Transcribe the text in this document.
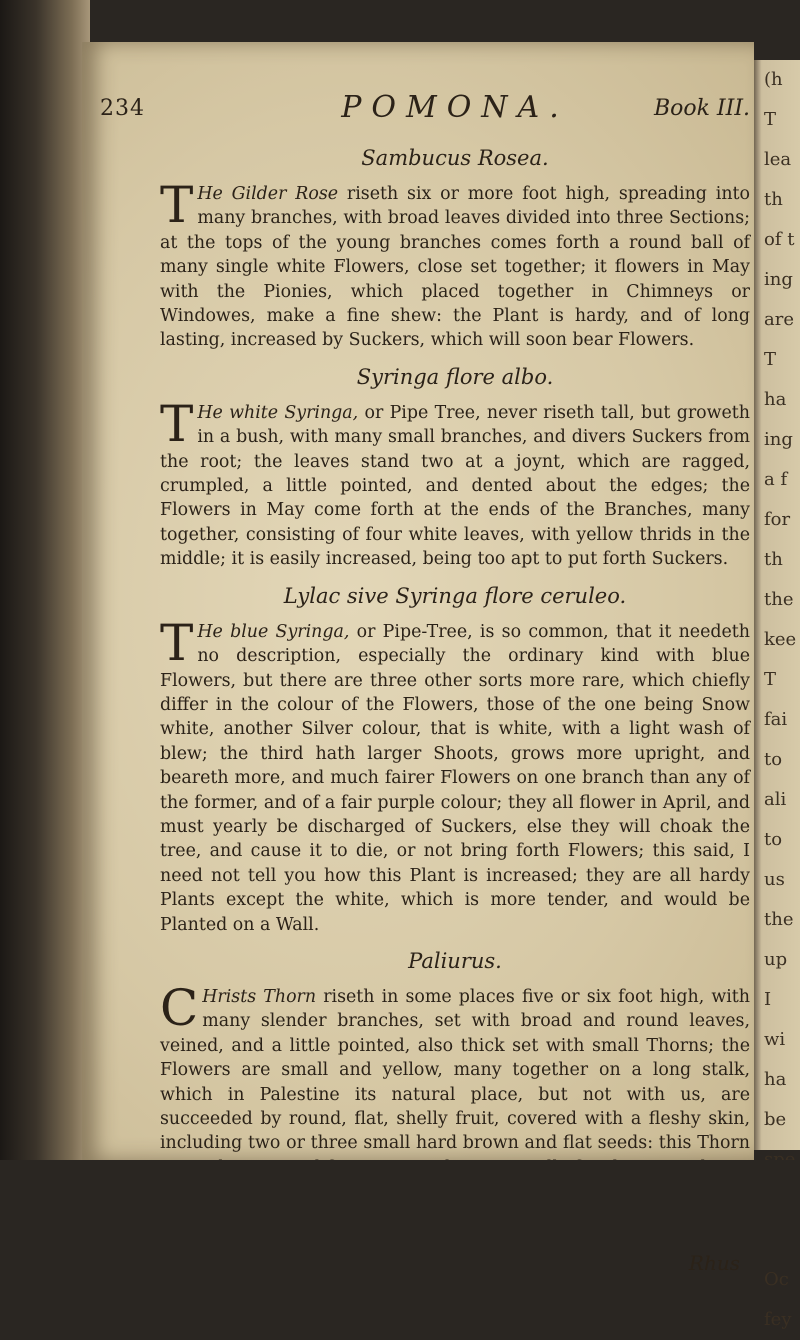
(h
T
lea
th
of t
ing
are
T
ha
ing
a f
for
th
the
kee
T
fai
to
ali
to
us
the
up
I
wi
ha
be
Oc
fey
234	POMONA.	Book III.
Sambucus Rosea.

T He Gilder Rose riseth six or more foot high, spreading into many branches, with broad leaves divided into three Sections; at the tops of the young branches comes forth a round ball of many single white Flowers, close set together; it flowers in May with the Pionies, which placed together in Chimneys or Windowes, make a fine shew: the Plant is hardy, and of long lasting, increased by Suckers, which will soon bear Flowers.

Syringa flore albo.

T He white Syringa, or Pipe Tree, never riseth tall, but groweth in a bush, with many small branches, and divers Suckers from the root; the leaves stand two at a joynt, which are ragged, crumpled, a little pointed, and dented about the edges; the Flowers in May come forth at the ends of the Branches, many together, consisting of four white leaves, with yellow thrids in the middle; it is easily increased, being too apt to put forth Suckers.

Lylac sive Syringa flore ceruleo.

T He blue Syringa, or Pipe-Tree, is so common, that it needeth no description, especially the ordinary kind with blue Flowers, but there are three other sorts more rare, which chiefly differ in the colour of the Flowers, those of the one being Snow white, another Silver colour, that is white, with a light wash of blew; the third hath larger Shoots, grows more upright, and beareth more, and much fairer Flowers on one branch than any of the former, and of a fair purple colour; they all flower in April, and must yearly be discharged of Suckers, else they will choak the tree, and cause it to die, or not bring forth Flowers; this said, I need not tell you how this Plant is increased; they are all hardy Plants except the white, which is more tender, and would be Planted on a Wall.

Paliurus.

C Hrists Thorn riseth in some places five or six foot high, with many slender branches, set with broad and round leaves, veined, and a little pointed, also thick set with small Thorns; the Flowers are small and yellow, many together on a long stalk, which in Palestine its natural place, but not with us, are succeeded by round, flat, shelly fruit, covered with a fleshy skin, including two or three small hard brown and flat seeds: this Thorn

Rhus
